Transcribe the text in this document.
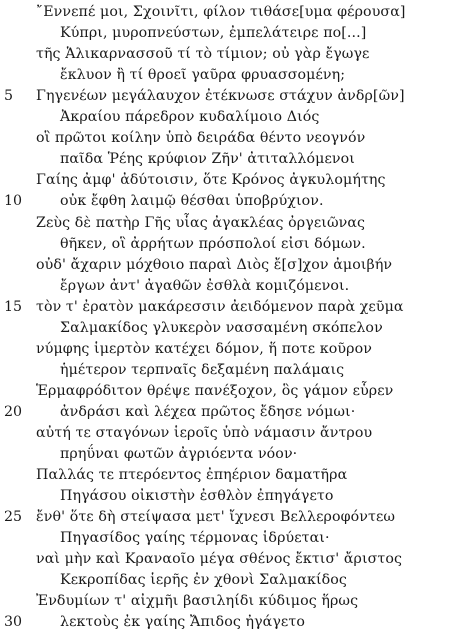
῎Εννεπέ μοι, Σχοινῖτι, φίλον τιθάσε[υμα φέρουσα]
Κύπρι, μυροπνεύστων, ἐμπελάτειρε πο[...]
τῆς Ἁλικαρνασσοῦ τί τὸ τίμιον; οὐ γὰρ ἔγωγε
ἔκλυον ἢ τί θροεῖ γαῦρα φρυασσομένη;
5	Γηγενέων μεγάλαυχον ἐτέκνωσε στάχυν ἀνδρ[ῶν]
Ἀκραίου πάρεδρον κυδαλίμοιο Διός
οἳ πρῶτοι κοίλην ὑπὸ δειράδα θέντο νεογνόν
παῖδα Ῥέης κρύφιον Ζῆν' ἀτιταλλόμενοι
Γαίης ἀμφ' ἀδύτοισιν, ὅτε Κρόνος ἀγκυλομήτης
10	οὐκ ἔφθη λαιμῷ θέσθαι ὑποβρύχιον.
Ζεὺς δὲ πατὴρ Γῆς υἷας ἀγακλέας ὀργειῶνας
θῆκεν, οἳ ἀρρήτων πρόσπολοί εἰσι δόμων.
οὐδ' ἄχαριν μόχθοιο παραὶ Διὸς ἔ[σ]χον ἀμοιβήν
ἔργων ἀντ' ἀγαθῶν ἐσθλὰ κομιζόμενοι.
15 τὸν τ' ἐρατὸν μακάρεσσιν ἀειδόμενον παρὰ χεῦμα
Σαλμακίδος γλυκερὸν νασσαμένη σκόπελον
νύμφης ἱμερτὸν κατέχει δόμον, ἥ ποτε κοῦρον
ἡμέτερον τερπναῖς δεξαμένη παλάμαις
Ἑρμαφρόδιτον θρέψε πανέξοχον, ὃς γάμον εὗρεν
20	ἀνδράσι καὶ λέχεα πρῶτος ἔδησε νόμωι·
αὐτή τε σταγόνων ἱεροῖς ὑπὸ νάμασιν ἄντρου
πρηΰναι φωτῶν ἀγριόεντα νόον·
Παλλάς τε πτερόεντος ἐπηέριον δαματῆρα
Πηγάσου οἰκιστὴν ἐσθλὸν ἐπηγάγετο
25 ἔνθ' ὅτε δὴ στείψασα μετ' ἴχνεσι Βελλεροφόντεω
Πηγασίδος γαίης τέρμονας ἱδρύεται·
ναὶ μὴν καὶ Κραναοῖο μέγα σθένος ἔκτισ' ἄριστος
Κεκροπίδας ἱερῆς ἐν χθονὶ Σαλμακίδος
Ἐνδυμίων τ' αἰχμῆι βασιληίδι κύδιμος ἥρως
30	λεκτοὺς ἐκ γαίης Ἄπιδος ἠγάγετο
